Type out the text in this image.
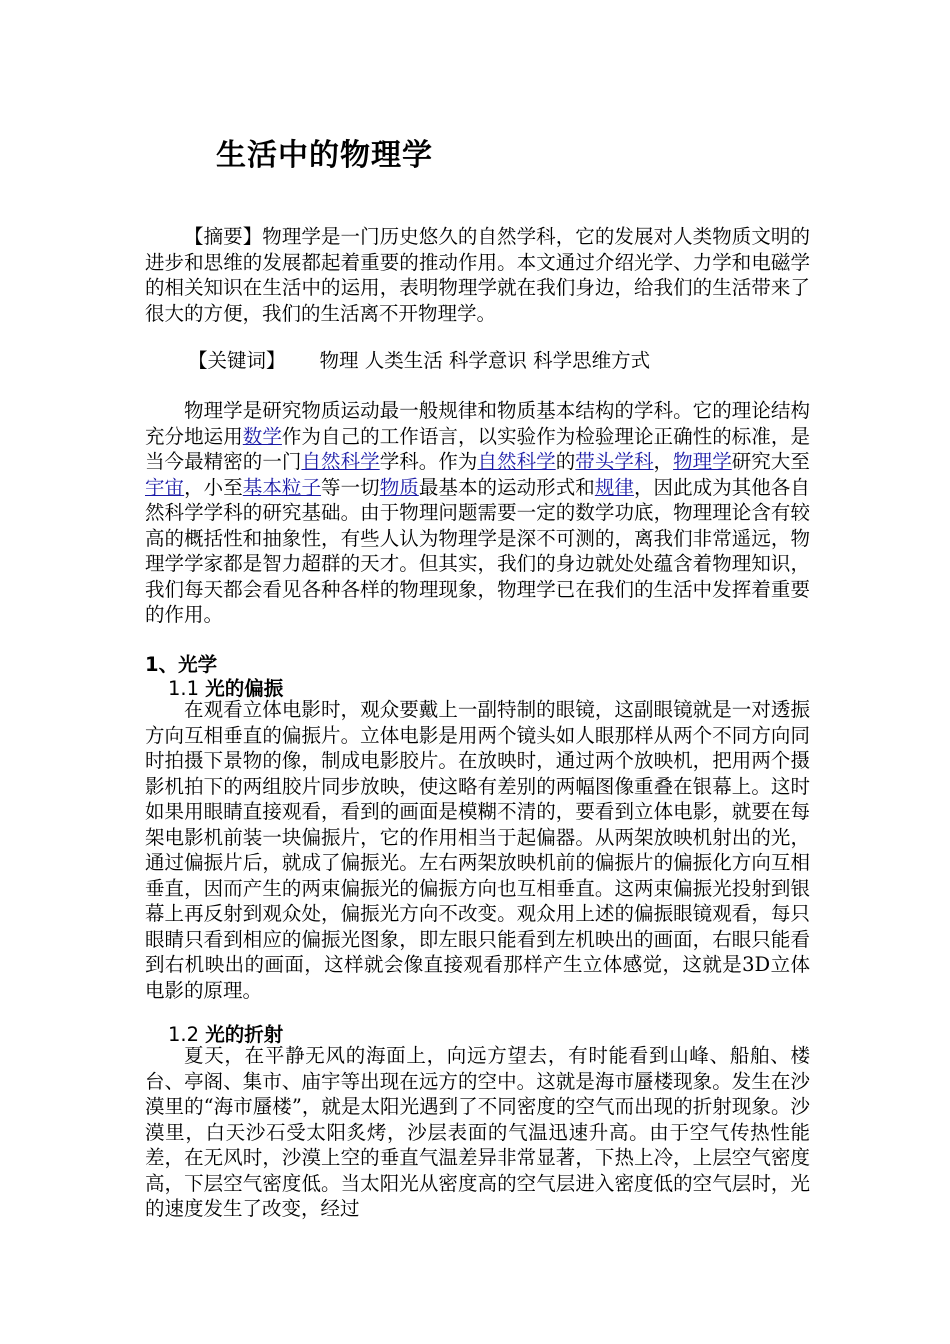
生活中的物理学
【摘要】物理学是一门历史悠久的自然学科，它的发展对人类物质文明的进步和思维的发展都起着重要的推动作用。本文通过介绍光学、力学和电磁学的相关知识在生活中的运用，表明物理学就在我们身边，给我们的生活带来了很大的方便，我们的生活离不开物理学。
【关键词】 物理 人类生活 科学意识 科学思维方式
物理学是研究物质运动最一般规律和物质基本结构的学科。它的理论结构充分地运用数学作为自己的工作语言，以实验作为检验理论正确性的标准，是当今最精密的一门自然科学学科。作为自然科学的带头学科，物理学研究大至宇宙，小至基本粒子等一切物质最基本的运动形式和规律，因此成为其他各自然科学学科的研究基础。由于物理问题需要一定的数学功底，物理理论含有较高的概括性和抽象性，有些人认为物理学是深不可测的，离我们非常遥远，物理学学家都是智力超群的天才。但其实，我们的身边就处处蕴含着物理知识，我们每天都会看见各种各样的物理现象，物理学已在我们的生活中发挥着重要的作用。
1、光学
1.1 光的偏振
在观看立体电影时，观众要戴上一副特制的眼镜，这副眼镜就是一对透振方向互相垂直的偏振片。立体电影是用两个镜头如人眼那样从两个不同方向同时拍摄下景物的像，制成电影胶片。在放映时，通过两个放映机，把用两个摄影机拍下的两组胶片同步放映，使这略有差别的两幅图像重叠在银幕上。这时如果用眼睛直接观看，看到的画面是模糊不清的，要看到立体电影，就要在每架电影机前装一块偏振片，它的作用相当于起偏器。从两架放映机射出的光，通过偏振片后，就成了偏振光。左右两架放映机前的偏振片的偏振化方向互相垂直，因而产生的两束偏振光的偏振方向也互相垂直。这两束偏振光投射到银幕上再反射到观众处，偏振光方向不改变。观众用上述的偏振眼镜观看，每只眼睛只看到相应的偏振光图象，即左眼只能看到左机映出的画面，右眼只能看到右机映出的画面，这样就会像直接观看那样产生立体感觉，这就是3D立体电影的原理。
1.2 光的折射
夏天，在平静无风的海面上，向远方望去，有时能看到山峰、船舶、楼台、亭阁、集市、庙宇等出现在远方的空中。这就是海市蜃楼现象。发生在沙漠里的“海市蜃楼”，就是太阳光遇到了不同密度的空气而出现的折射现象。沙漠里，白天沙石受太阳炙烤，沙层表面的气温迅速升高。由于空气传热性能差，在无风时，沙漠上空的垂直气温差异非常显著，下热上冷，上层空气密度高，下层空气密度低。当太阳光从密度高的空气层进入密度低的空气层时，光的速度发生了改变，经过
